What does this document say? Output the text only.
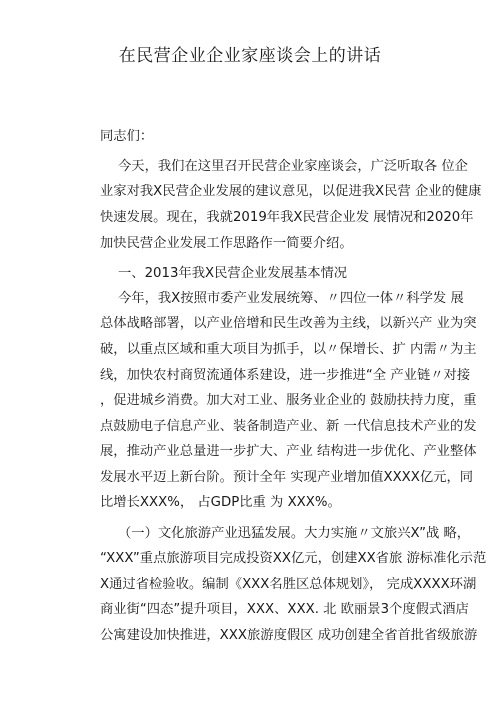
在民营企业企业家座谈会上的讲话
同志们：
今天，我们在这里召开民营企业家座谈会，广泛听取各 位企
业家对我X民营企业发展的建议意见，以促进我X民营 企业的健康
快速发展。现在，我就2019年我X民营企业发 展情况和2020年
加快民营企业发展工作思路作一简要介绍。
一、2013年我X民营企业发展基本情况
今年，我X按照市委产业发展统筹、〃四位一体〃科学发 展
总体战略部署，以产业倍增和民生改善为主线，以新兴产 业为突
破，以重点区域和重大项目为抓手，以〃保增长、扩 内需〃为主
线，加快农村商贸流通体系建设，进一步推进“全 产业链〃对接
，促进城乡消费。加大对工业、服务业企业的 鼓励扶持力度，重
点鼓励电子信息产业、装备制造产业、新 一代信息技术产业的发
展，推动产业总量进一步扩大、产业 结构进一步优化、产业整体
发展水平迈上新台阶。预计全年 实现产业增加值XXXX亿元，同
比增长XXX%， 占GDP比重 为 XXX%。
（一）文化旅游产业迅猛发展。大力实施〃文旅兴X”战 略，
“XXX”重点旅游项目完成投资XX亿元，创建XX省旅 游标准化示范
X通过省检验收。编制《XXX名胜区总体规划》， 完成XXXX环湖
商业街“四态”提升项目，XXX、XXX. 北 欧丽景3个度假式酒店
公寓建设加快推进，XXX旅游度假区 成功创建全省首批省级旅游
